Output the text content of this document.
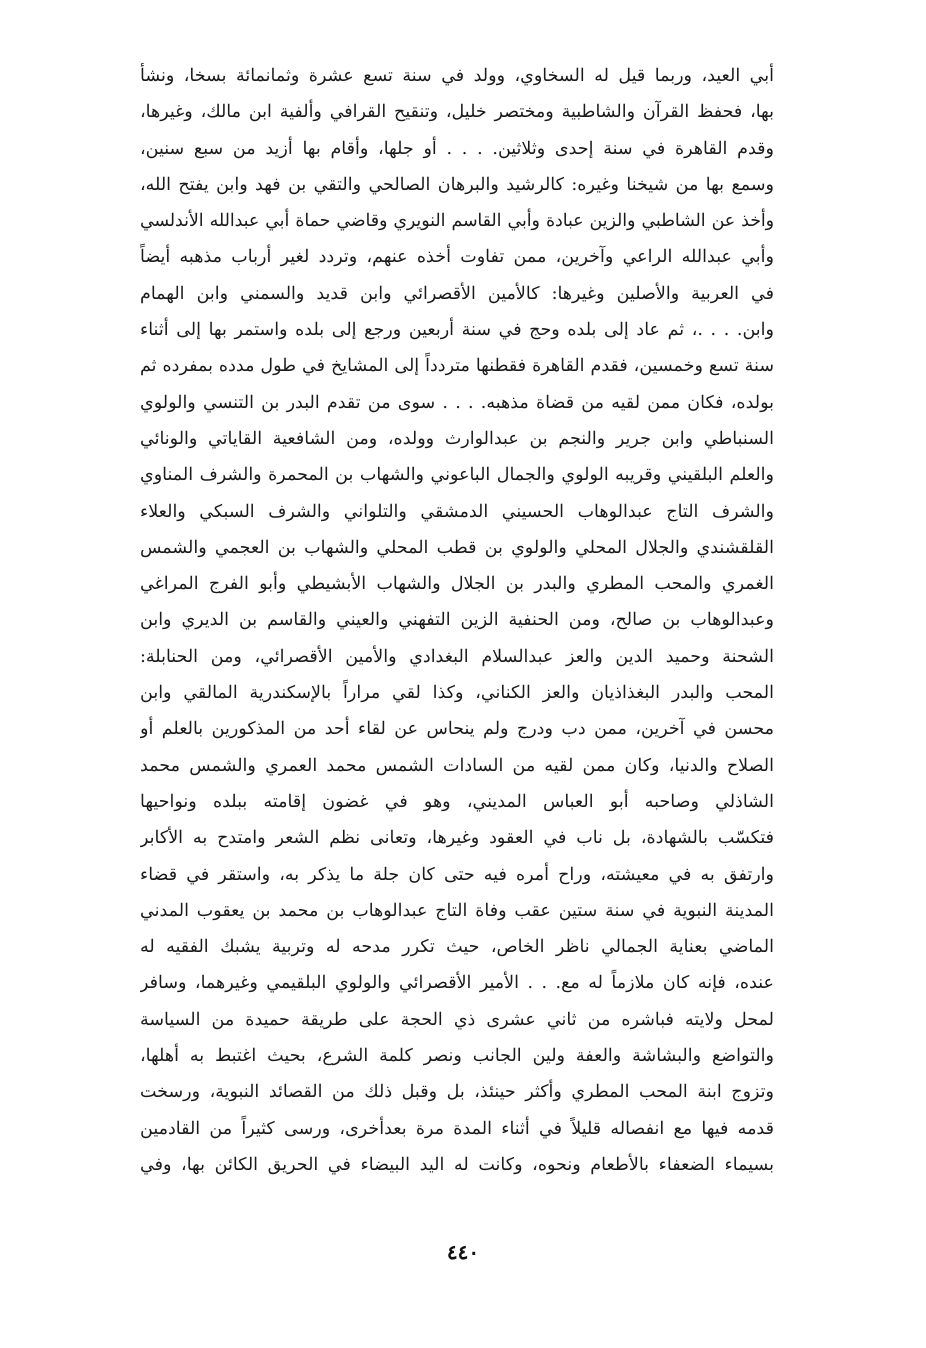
أبي العيد، وربما قيل له السخاوي، وولد في سنة تسع عشرة وثمانمائة بسخا، ونشأ
بها، فحفظ القرآن والشاطبية ومختصر خليل، وتنقيح القرافي وألفية ابن مالك، وغيرها،
وقدم القاهرة في سنة إحدى وثلاثين. . . . أو جلها، وأقام بها أزيد من سبع سنين،
وسمع بها من شيخنا وغيره: كالرشيد والبرهان الصالحي والتقي بن فهد وابن يفتح الله،
وأخذ عن الشاطبي والزين عبادة وأبي القاسم النويري وقاضي حماة أبي عبدالله الأندلسي
وأبي عبدالله الراعي وآخرين، ممن تفاوت أخذه عنهم، وتردد لغير أرباب مذهبه أيضاً
في العربية والأصلين وغيرها: كالأمين الأقصرائي وابن قديد والسمني وابن الهمام
وابن. . . .، ثم عاد إلى بلده وحج في سنة أربعين ورجع إلى بلده واستمر بها إلى أثناء
سنة تسع وخمسين، فقدم القاهرة فقطنها متردداً إلى المشايخ في طول مدده بمفرده ثم
بولده، فكان ممن لقيه من قضاة مذهبه. . . . سوى من تقدم البدر بن التنسي والولوي
السنباطي وابن جرير والنجم بن عبدالوارث وولده، ومن الشافعية القاياتي والونائي
والعلم البلقيني وقريبه الولوي والجمال الباعوني والشهاب بن المحمرة والشرف المناوي
والشرف التاج عبدالوهاب الحسيني الدمشقي والتلواني والشرف السبكي والعلاء
القلقشندي والجلال المحلي والولوي بن قطب المحلي والشهاب بن العجمي والشمس
الغمري والمحب المطري والبدر بن الجلال والشهاب الأبشيطي وأبو الفرج المراغي
وعبدالوهاب بن صالح، ومن الحنفية الزين التفهني والعيني والقاسم بن الديري وابن
الشحنة وحميد الدين والعز عبدالسلام البغدادي والأمين الأقصرائي، ومن الحنابلة:
المحب والبدر البغذاذيان والعز الكناني، وكذا لقي مراراً بالإسكندرية المالقي وابن
محسن في آخرين، ممن دب ودرج ولم ينحاس عن لقاء أحد من المذكورين بالعلم أو
الصلاح والدنيا، وكان ممن لقيه من السادات الشمس محمد العمري والشمس محمد
الشاذلي وصاحبه أبو العباس المديني، وهو في غضون إقامته ببلده ونواحيها
فتكسّب بالشهادة، بل ناب في العقود وغيرها، وتعانى نظم الشعر وامتدح به الأكابر
وارتفق به في معيشته، وراح أمره فيه حتى كان جلة ما يذكر به، واستقر في قضاء
المدينة النبوية في سنة ستين عقب وفاة التاج عبدالوهاب بن محمد بن يعقوب المدني
الماضي بعناية الجمالي ناظر الخاص، حيث تكرر مدحه له وتربية يشبك الفقيه له
عنده، فإنه كان ملازماً له مع. . . الأمير الأقصرائي والولوي البلقيمي وغيرهما، وسافر
لمحل ولايته فباشره من ثاني عشرى ذي الحجة على طريقة حميدة من السياسة
والتواضع والبشاشة والعفة ولين الجانب ونصر كلمة الشرع، بحيث اغتبط به أهلها،
وتزوج ابنة المحب المطري وأكثر حينئذ، بل وقبل ذلك من القصائد النبوية، ورسخت
قدمه فيها مع انفصاله قليلاً في أثناء المدة مرة بعدأخرى، ورسى كثيراً من القادمين
بسيماء الضعفاء بالأطعام ونحوه، وكانت له اليد البيضاء في الحريق الكائن بها، وفي
٤٤٠
